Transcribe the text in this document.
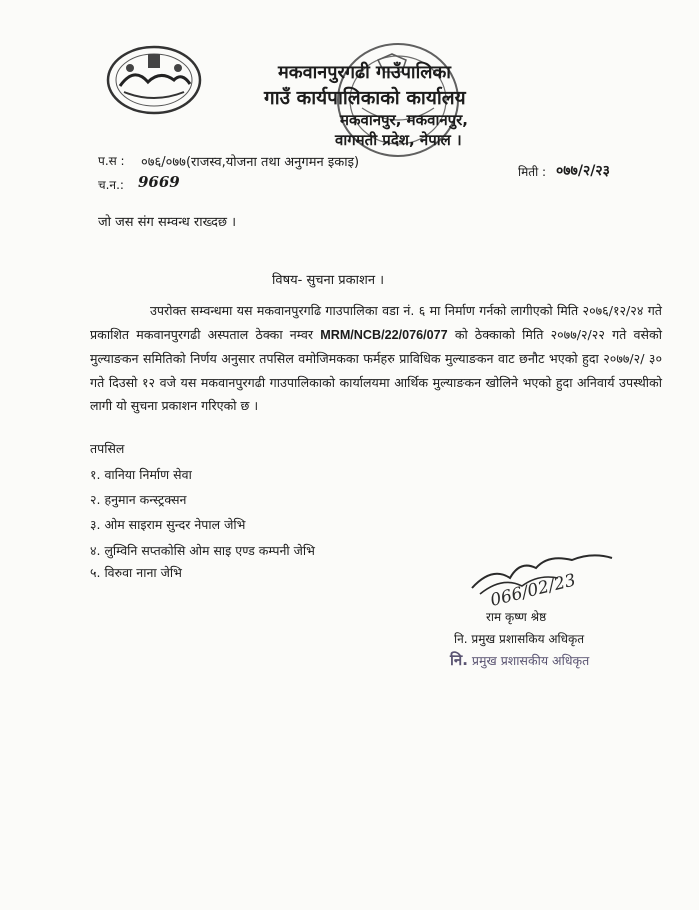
मकवानपुरगढी गाउँपालिका
गाउँ कार्यपालिकाको कार्यालय
मकवानपुर, मकवानपुर,
वागमती प्रदेश, नेपाल ।
प.स : ०७६/०७७(राजस्व,योजना तथा अनुगमन इकाइ)
च.न.: 9669
मिती : ०७७/२/२३
जो जस संग सम्वन्ध राख्दछ ।
विषय- सुचना प्रकाशन ।
उपरोक्त सम्वन्धमा यस मकवानपुरगढि गाउपालिका वडा नं. ६ मा निर्माण गर्नको लागीएको मिति २०७६/१२/२४ गते प्रकाशित मकवानपुरगढी अस्पताल ठेक्का नम्वर MRM/NCB/22/076/077 को ठेक्काको मिति २०७७/२/२२ गते वसेको मुल्याङकन समितिको निर्णय अनुसार तपसिल वमोजिमकका फर्महरु प्राविधिक मुल्याङकन वाट छनौट भएको हुदा २०७७/२/ ३० गते दिउसो १२ वजे यस मकवानपुरगढी गाउपालिकाको कार्यालयमा आर्थिक मुल्याङकन खोलिने भएको हुदा अनिवार्य उपस्थीको लागी यो सुचना प्रकाशन गरिएको छ ।
तपसिल
१. वानिया निर्माण सेवा
२. हनुमान कन्स्ट्रक्सन
३. ओम साइराम सुन्दर नेपाल जेभि
४. लुम्विनि सप्तकोसि ओम साइ एण्ड कम्पनी जेभि
५. विरुवा नाना जेभि	066/02/23
राम कृष्ण श्रेष्ठ
नि. प्रमुख प्रशासकिय अधिकृत
नि. प्रमुख प्रशासकीय अधिकृत
